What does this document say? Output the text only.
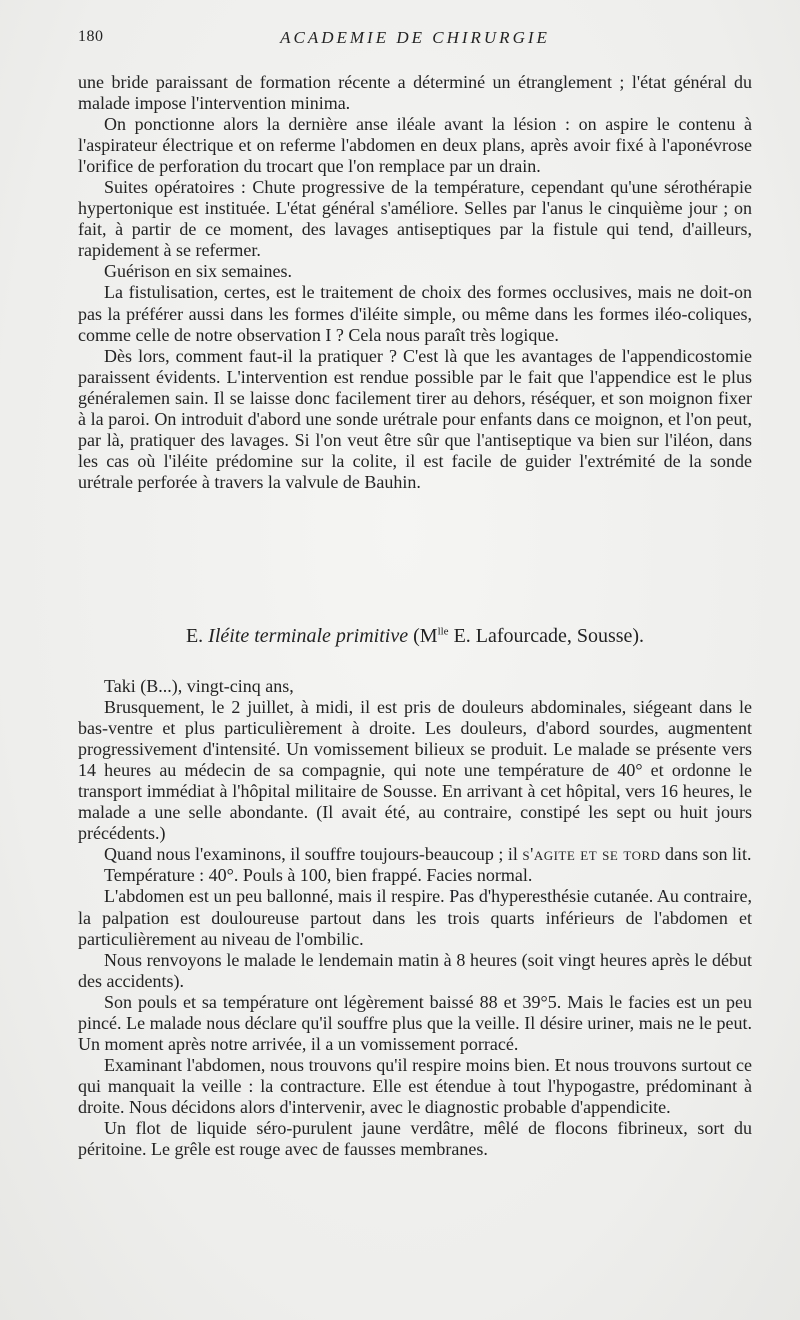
180	ACADEMIE DE CHIRURGIE

une bride paraissant de formation récente a déterminé un étranglement ; l'état général du malade impose l'intervention minima.

On ponctionne alors la dernière anse iléale avant la lésion : on aspire le contenu à l'aspirateur électrique et on referme l'abdomen en deux plans, après avoir fixé à l'aponévrose l'orifice de perforation du trocart que l'on remplace par un drain.

Suites opératoires : Chute progressive de la température, cependant qu'une sérothérapie hypertonique est instituée. L'état général s'améliore. Selles par l'anus le cinquième jour ; on fait, à partir de ce moment, des lavages antiseptiques par la fistule qui tend, d'ailleurs, rapidement à se refermer.

Guérison en six semaines.

La fistulisation, certes, est le traitement de choix des formes occlusives, mais ne doit-on pas la préférer aussi dans les formes d'iléite simple, ou même dans les formes iléo-coliques, comme celle de notre observation I ? Cela nous paraît très logique.

Dès lors, comment faut-il la pratiquer ? C'est là que les avantages de l'appendicostomie paraissent évidents. L'intervention est rendue possible par le fait que l'appendice est le plus généralemen sain. Il se laisse donc facilement tirer au dehors, réséquer, et son moignon fixer à la paroi. On introduit d'abord une sonde urétrale pour enfants dans ce moignon, et l'on peut, par là, pratiquer des lavages. Si l'on veut être sûr que l'antiseptique va bien sur l'iléon, dans les cas où l'iléite prédomine sur la colite, il est facile de guider l'extrémité de la sonde urétrale perforée à travers la valvule de Bauhin.

E. Iléite terminale primitive ($M^{lle}$ E. Lafourcade, Sousse).

Taki (B...), vingt-cinq ans,

Brusquement, le 2 juillet, à midi, il est pris de douleurs abdominales, siégeant dans le bas-ventre et plus particulièrement à droite. Les douleurs, d'abord sourdes, augmentent progressivement d'intensité. Un vomissement bilieux se produit. Le malade se présente vers 14 heures au médecin de sa compagnie, qui note une température de 40° et ordonne le transport immédiat à l'hôpital militaire de Sousse. En arrivant à cet hôpital, vers 16 heures, le malade a une selle abondante. (Il avait été, au contraire, constipé les sept ou huit jours précédents.)

Quand nous l'examinons, il souffre toujours-beaucoup ; il s'agite et se tord dans son lit.

Température : 40°. Pouls à 100, bien frappé. Facies normal.

L'abdomen est un peu ballonné, mais il respire. Pas d'hyperesthésie cutanée. Au contraire, la palpation est douloureuse partout dans les trois quarts inférieurs de l'abdomen et particulièrement au niveau de l'ombilic.

Nous renvoyons le malade le lendemain matin à 8 heures (soit vingt heures après le début des accidents).

Son pouls et sa température ont légèrement baissé 88 et 39°5. Mais le facies est un peu pincé. Le malade nous déclare qu'il souffre plus que la veille. Il désire uriner, mais ne le peut. Un moment après notre arrivée, il a un vomissement porracé.

Examinant l'abdomen, nous trouvons qu'il respire moins bien. Et nous trouvons surtout ce qui manquait la veille : la contracture. Elle est étendue à tout l'hypogastre, prédominant à droite. Nous décidons alors d'intervenir, avec le diagnostic probable d'appendicite.

Un flot de liquide séro-purulent jaune verdâtre, mêlé de flocons fibrineux, sort du péritoine. Le grêle est rouge avec de fausses membranes.
